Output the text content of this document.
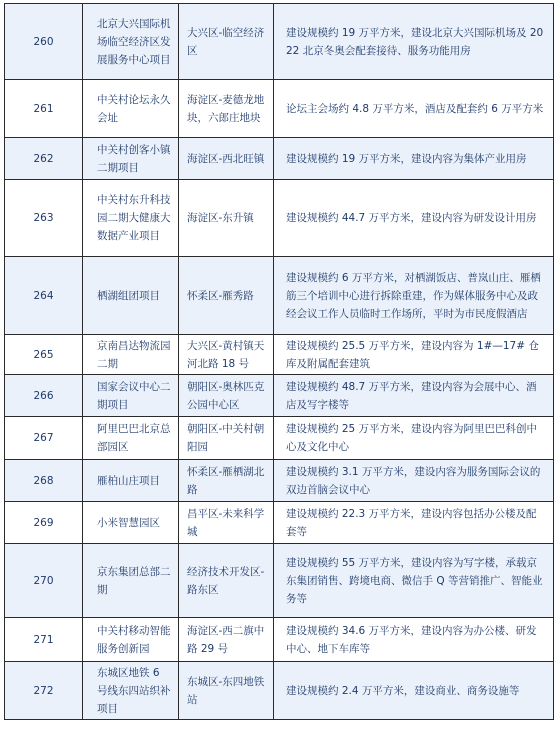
260	北京大兴国际机场临空经济区发展服务中心项目	大兴区-临空经济区	建设规模约 19 万平方米，建设北京大兴国际机场及 2022 北京冬奥会配套接待、服务功能用房
261	中关村论坛永久会址	海淀区-麦德龙地块，六郎庄地块	论坛主会场约 4.8 万平方米，酒店及配套约 6 万平方米
262	中关村创客小镇二期项目	海淀区-西北旺镇	建设规模约 19 万平方米，建设内容为集体产业用房
263	中关村东升科技园二期大健康大数据产业项目	海淀区-东升镇	建设规模约 44.7 万平方米，建设内容为研发设计用房
264	栖湖组团项目	怀柔区-雁秀路	建设规模约 6 万平方米，对栖湖饭店、普岚山庄、雁栖筋三个培训中心进行拆除重建，作为媒体服务中心及政经会议工作人员临时工作场所，平时为市民度假酒店
265	京南昌达物流园二期	大兴区-黄村镇天河北路 18 号	建设规模约 25.5 万平方米，建设内容为 1#—17# 仓库及附属配套建筑
266	国家会议中心二期项目	朝阳区-奥林匹克公园中心区	建设规模约 48.7 万平方米，建设内容为会展中心、酒店及写字楼等
267	阿里巴巴北京总部园区	朝阳区-中关村朝阳园	建设规模约 25 万平方米，建设内容为阿里巴巴科创中心及文化中心
268	雁柏山庄项目	怀柔区-雁栖湖北路	建设规模约 3.1 万平方米，建设内容为服务国际会议的双边首脑会议中心
269	小米智慧园区	昌平区-未来科学城	建设规模约 22.3 万平方米，建设内容包括办公楼及配套等
270	京东集团总部二期	经济技术开发区-路东区	建设规模约 55 万平方米，建设内容为写字楼，承载京东集团销售、跨境电商、微信手 Q 等营销推广、智能业务等
271	中关村移动智能服务创新园	海淀区-西二旗中路 29 号	建设规模约 34.6 万平方米，建设内容为办公楼、研发中心、地下车库等
272	东城区地铁 6 号线东四站织补项目	东城区-东四地铁站	建设规模约 2.4 万平方米，建设商业、商务设施等
